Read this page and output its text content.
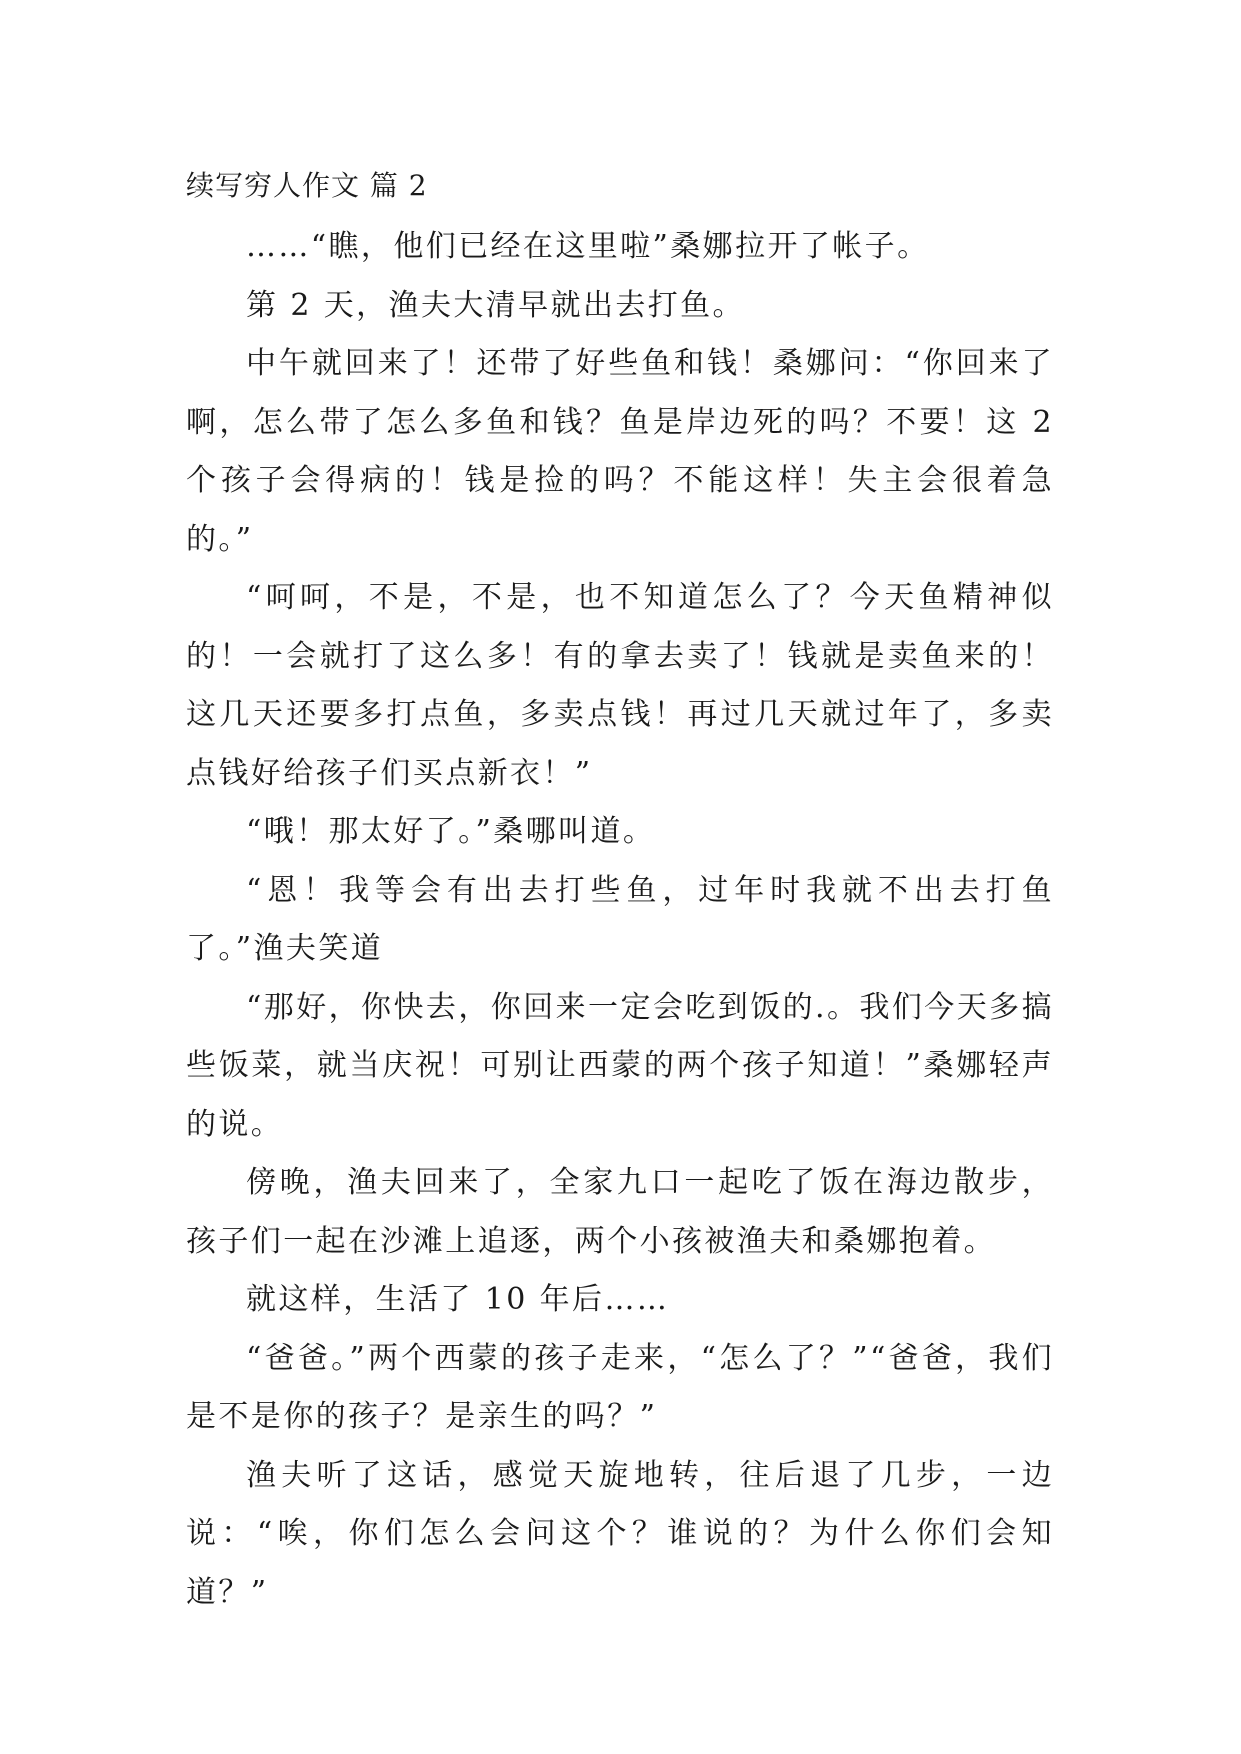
续写穷人作文 篇 2

……“瞧，他们已经在这里啦”桑娜拉开了帐子。

第 2 天，渔夫大清早就出去打鱼。

中午就回来了！还带了好些鱼和钱！桑娜问：“你回来了啊，怎么带了怎么多鱼和钱？鱼是岸边死的吗？不要！这 2 个孩子会得病的！钱是捡的吗？不能这样！失主会很着急的。”

“呵呵，不是，不是，也不知道怎么了？今天鱼精神似的！一会就打了这么多！有的拿去卖了！钱就是卖鱼来的！这几天还要多打点鱼，多卖点钱！再过几天就过年了，多卖点钱好给孩子们买点新衣！”

“哦！那太好了。”桑哪叫道。

“恩！我等会有出去打些鱼，过年时我就不出去打鱼了。”渔夫笑道

“那好，你快去，你回来一定会吃到饭的.。我们今天多搞些饭菜，就当庆祝！可别让西蒙的两个孩子知道！”桑娜轻声的说。

傍晚，渔夫回来了，全家九口一起吃了饭在海边散步，孩子们一起在沙滩上追逐，两个小孩被渔夫和桑娜抱着。

就这样，生活了 10 年后……

“爸爸。”两个西蒙的孩子走来，“怎么了？”“爸爸，我们是不是你的孩子？是亲生的吗？”

渔夫听了这话，感觉天旋地转，往后退了几步，一边说：“唉，你们怎么会问这个？谁说的？为什么你们会知道？”
